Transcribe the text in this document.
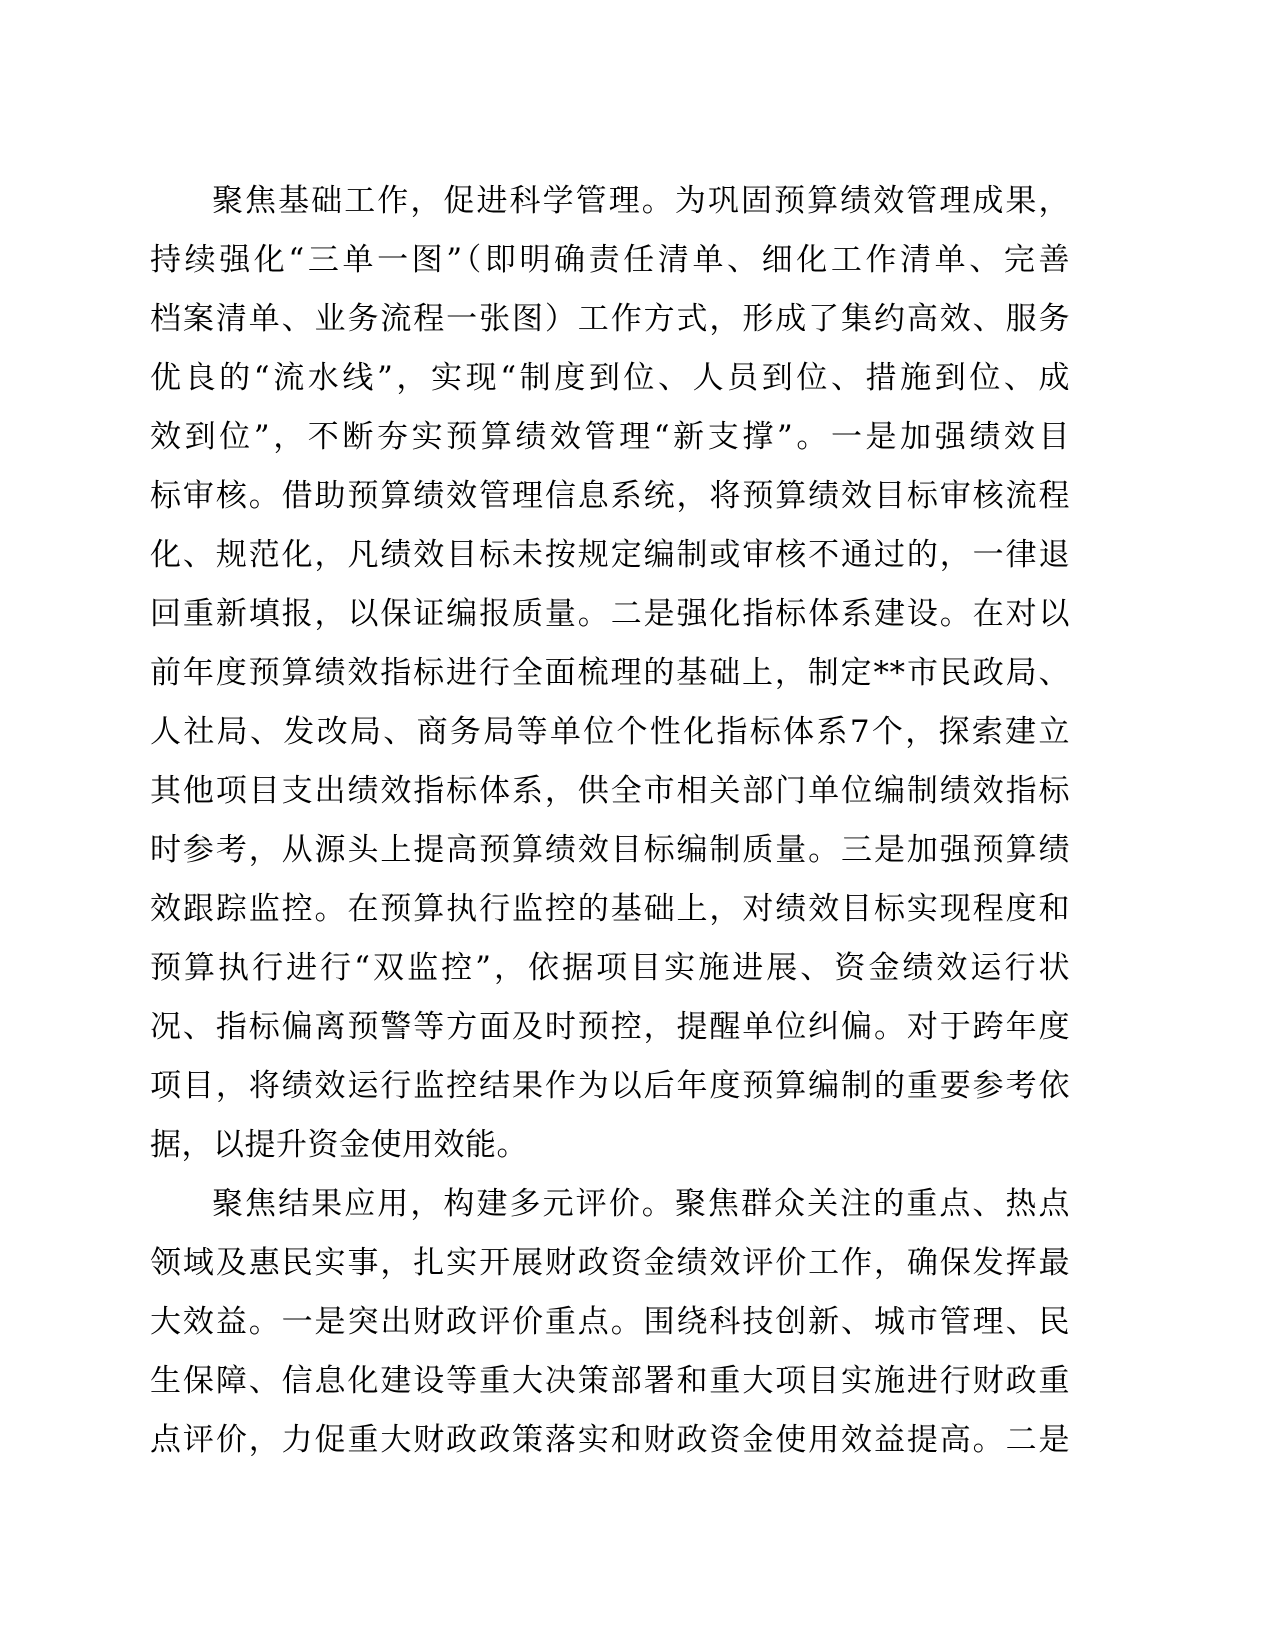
聚焦基础工作，促进科学管理。为巩固预算绩效管理成果，
持续强化“三单一图”（即明确责任清单、细化工作清单、完善
档案清单、业务流程一张图）工作方式，形成了集约高效、服务
优良的“流水线”，实现“制度到位、人员到位、措施到位、成
效到位”，不断夯实预算绩效管理“新支撑”。一是加强绩效目
标审核。借助预算绩效管理信息系统，将预算绩效目标审核流程
化、规范化，凡绩效目标未按规定编制或审核不通过的，一律退
回重新填报，以保证编报质量。二是强化指标体系建设。在对以
前年度预算绩效指标进行全面梳理的基础上，制定**市民政局、
人社局、发改局、商务局等单位个性化指标体系7个，探索建立
其他项目支出绩效指标体系，供全市相关部门单位编制绩效指标
时参考，从源头上提高预算绩效目标编制质量。三是加强预算绩
效跟踪监控。在预算执行监控的基础上，对绩效目标实现程度和
预算执行进行“双监控”，依据项目实施进展、资金绩效运行状
况、指标偏离预警等方面及时预控，提醒单位纠偏。对于跨年度
项目，将绩效运行监控结果作为以后年度预算编制的重要参考依
据，以提升资金使用效能。
聚焦结果应用，构建多元评价。聚焦群众关注的重点、热点
领域及惠民实事，扎实开展财政资金绩效评价工作，确保发挥最
大效益。一是突出财政评价重点。围绕科技创新、城市管理、民
生保障、信息化建设等重大决策部署和重大项目实施进行财政重
点评价，力促重大财政政策落实和财政资金使用效益提高。二是
